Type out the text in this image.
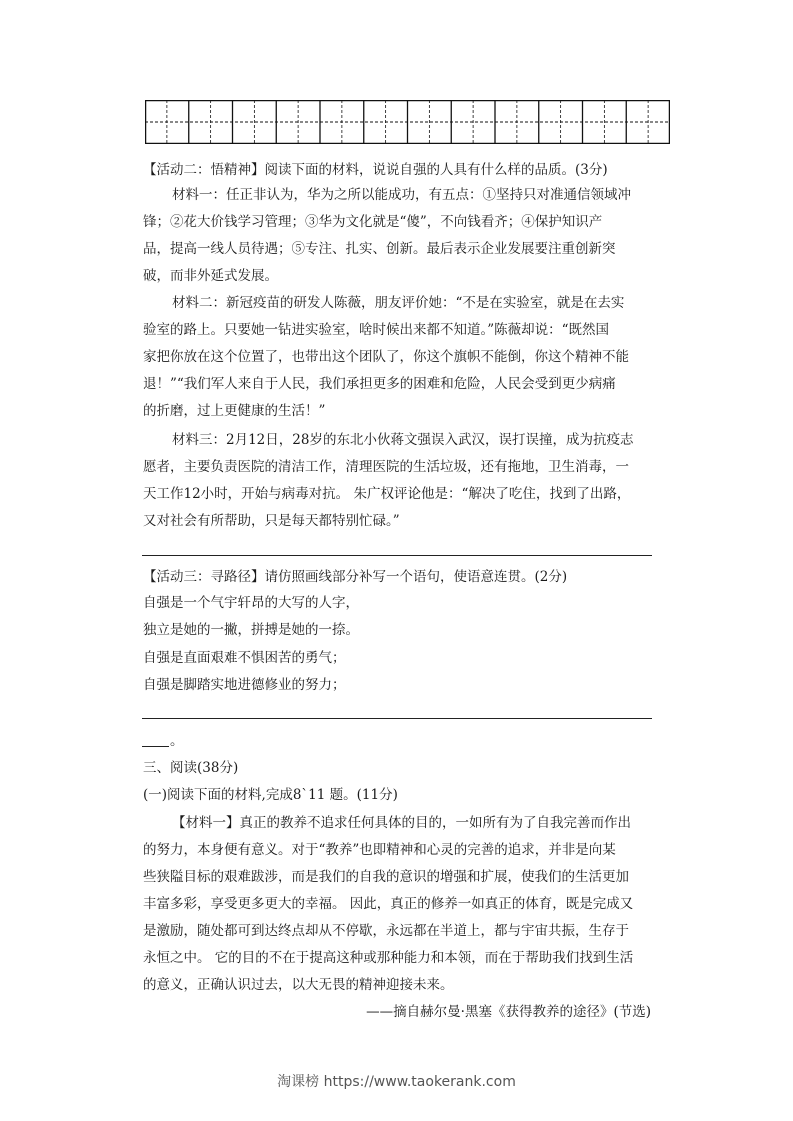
【活动二：悟精神】阅读下面的材料，说说自强的人具有什么样的品质。(3分)
材料一：任正非认为，华为之所以能成功，有五点：①坚持只对准通信领域冲
锋；②花大价钱学习管理；③华为文化就是“傻”，不向钱看齐；④保护知识产
品，提高一线人员待遇；⑤专注、扎实、创新。最后表示企业发展要注重创新突
破，而非外延式发展。
材料二：新冠疫苗的研发人陈薇，朋友评价她：“不是在实验室，就是在去实
验室的路上。只要她一钻进实验室，啥时候出来都不知道。”陈薇却说：“既然国
家把你放在这个位置了，也带出这个团队了，你这个旗帜不能倒，你这个精神不能
退！”“我们军人来自于人民，我们承担更多的困难和危险，人民会受到更少病痛
的折磨，过上更健康的生活！”
材料三：2月12日，28岁的东北小伙蒋文强误入武汉，误打误撞，成为抗疫志
愿者，主要负责医院的清洁工作，清理医院的生活垃圾，还有拖地，卫生消毒，一
天工作12小时，开始与病毒对抗。 朱广权评论他是：“解决了吃住，找到了出路，
又对社会有所帮助，只是每天都特别忙碌。”
【活动三：寻路径】请仿照画线部分补写一个语句，使语意连贯。(2分)
自强是一个气宇轩昂的大写的人字，
独立是她的一撇，拼搏是她的一捺。
自强是直面艰难不惧困苦的勇气；
自强是脚踏实地进德修业的努力；
。
三、阅读(38分)
(一)阅读下面的材料,完成8`11 题。(11分)
【材料一】真正的教养不追求任何具体的目的，一如所有为了自我完善而作出
的努力，本身便有意义。对于“教养”也即精神和心灵的完善的追求，并非是向某
些狭隘目标的艰难跋涉，而是我们的自我的意识的增强和扩展，使我们的生活更加
丰富多彩，享受更多更大的幸福。 因此，真正的修养一如真正的体育，既是完成又
是激励，随处都可到达终点却从不停歇，永远都在半道上，都与宇宙共振，生存于
永恒之中。 它的目的不在于提高这种或那种能力和本领，而在于帮助我们找到生活
的意义，正确认识过去，以大无畏的精神迎接未来。
——摘自赫尔曼·黑塞《获得教养的途径》(节选)
淘课榜 https://www.taokerank.com
